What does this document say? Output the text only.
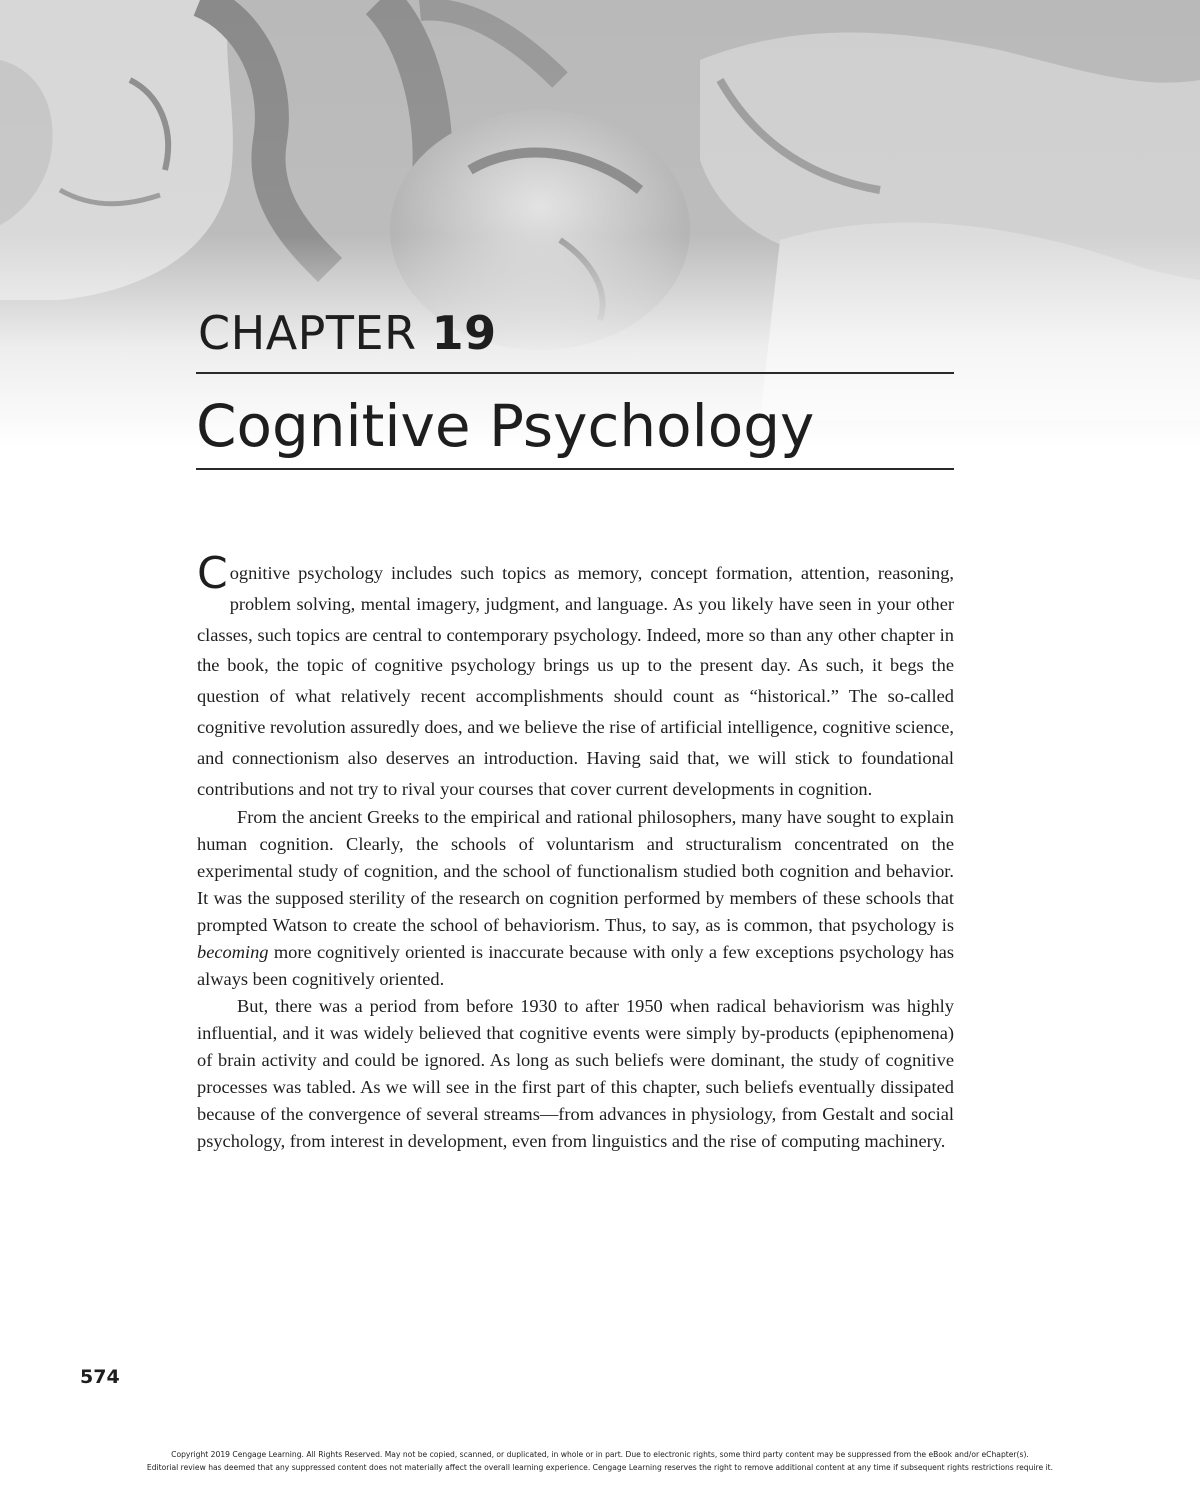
CHAPTER 19
Cognitive Psychology

Cognitive psychology includes such topics as memory, concept formation, attention, reasoning, problem solving, mental imagery, judgment, and language. As you likely have seen in your other classes, such topics are central to contemporary psychology. Indeed, more so than any other chapter in the book, the topic of cognitive psychology brings us up to the present day. As such, it begs the question of what relatively recent accomplishments should count as “historical.” The so-called cognitive revolution assuredly does, and we believe the rise of artificial intelligence, cognitive science, and connectionism also deserves an introduction. Having said that, we will stick to foundational contributions and not try to rival your courses that cover current developments in cognition.

From the ancient Greeks to the empirical and rational philosophers, many have sought to explain human cognition. Clearly, the schools of voluntarism and structuralism concentrated on the experimental study of cognition, and the school of functionalism studied both cognition and behavior. It was the supposed sterility of the research on cognition performed by members of these schools that prompted Watson to create the school of behaviorism. Thus, to say, as is common, that psychology is becoming more cognitively oriented is inaccurate because with only a few exceptions psychology has always been cognitively oriented.

But, there was a period from before 1930 to after 1950 when radical behaviorism was highly influential, and it was widely believed that cognitive events were simply by-products (epiphenomena) of brain activity and could be ignored. As long as such beliefs were dominant, the study of cognitive processes was tabled. As we will see in the first part of this chapter, such beliefs eventually dissipated because of the convergence of several streams—from advances in physiology, from Gestalt and social psychology, from interest in development, even from linguistics and the rise of computing machinery.

574
Copyright 2019 Cengage Learning. All Rights Reserved. May not be copied, scanned, or duplicated, in whole or in part. Due to electronic rights, some third party content may be suppressed from the eBook and/or eChapter(s).
Editorial review has deemed that any suppressed content does not materially affect the overall learning experience. Cengage Learning reserves the right to remove additional content at any time if subsequent rights restrictions require it.
